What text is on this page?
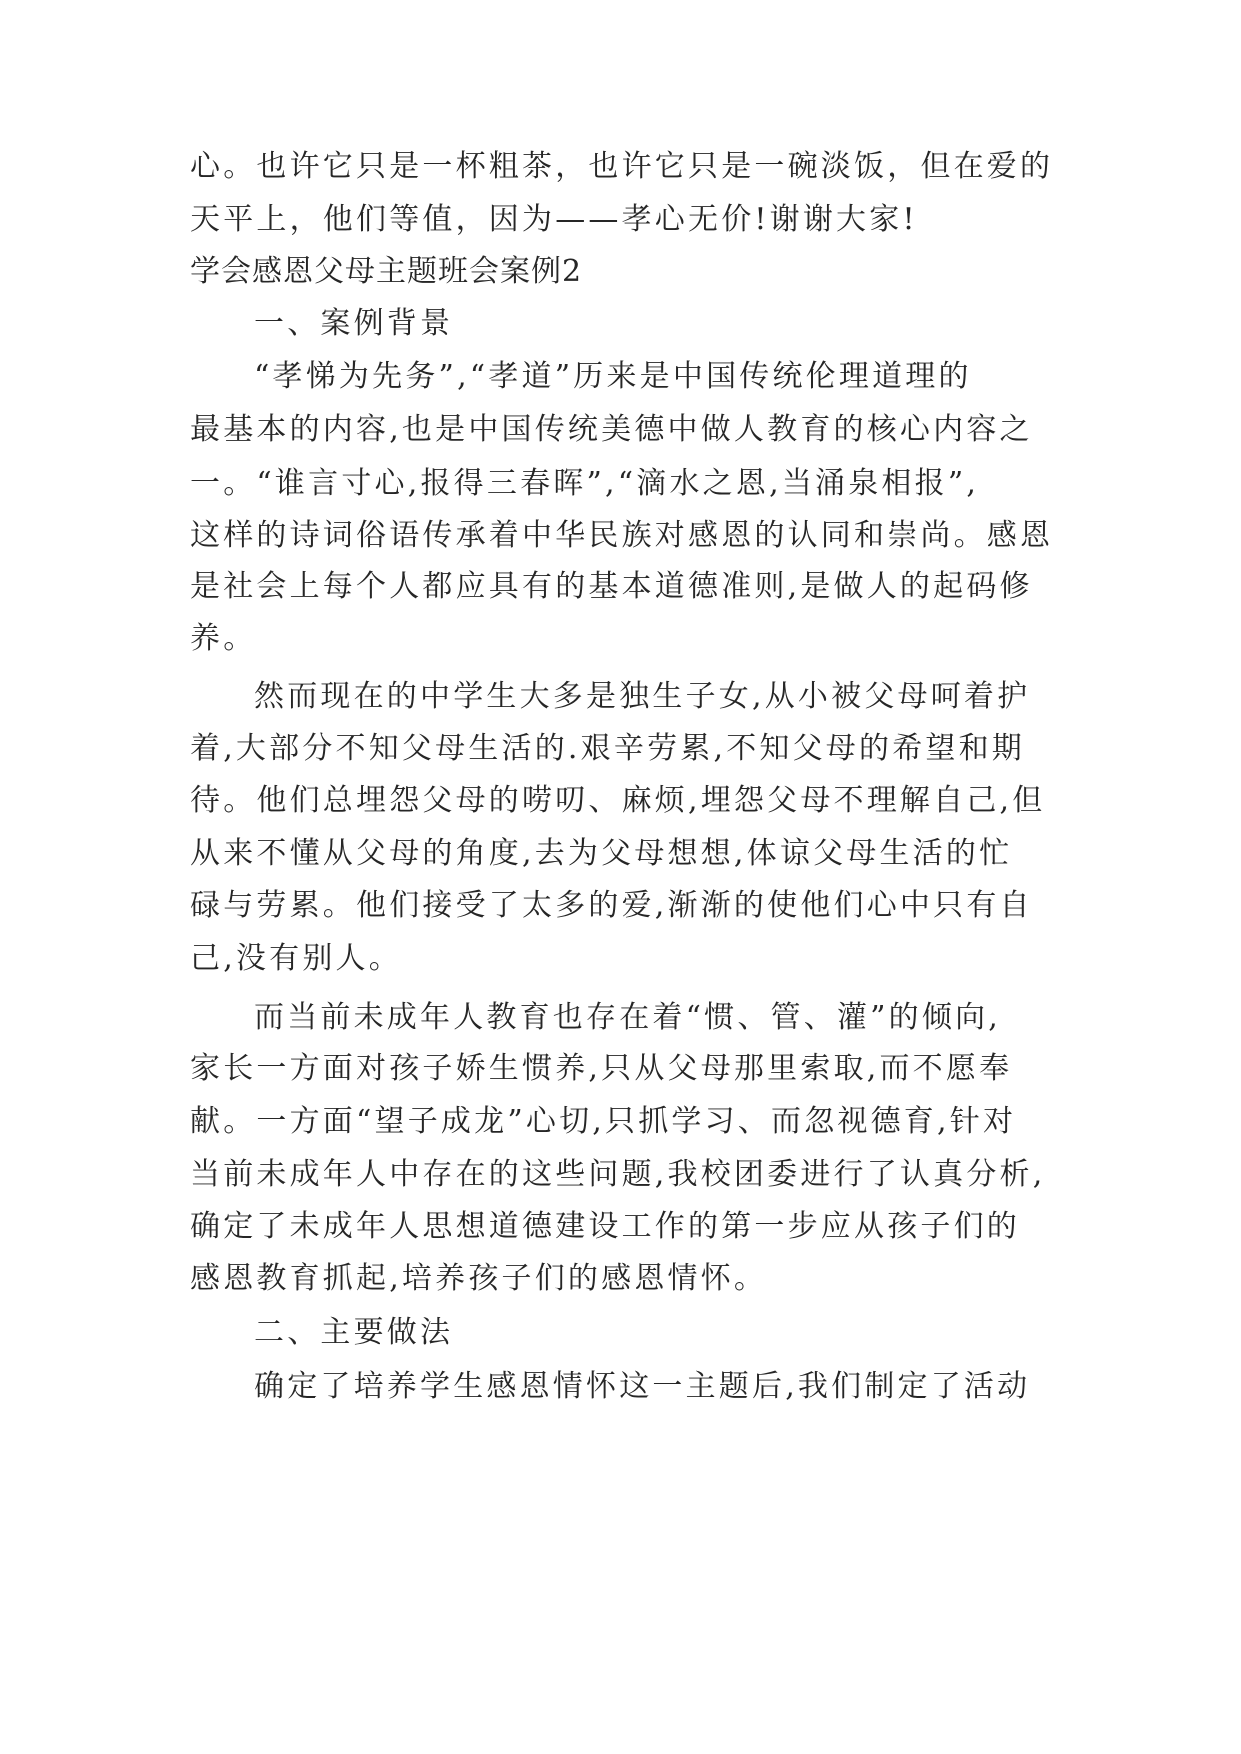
心。也许它只是一杯粗茶，也许它只是一碗淡饭，但在爱的
天平上，他们等值，因为——孝心无价!谢谢大家!
学会感恩父母主题班会案例2
一、案例背景
“孝悌为先务”,“孝道”历来是中国传统伦理道理的
最基本的内容,也是中国传统美德中做人教育的核心内容之
一。“谁言寸心,报得三春晖”,“滴水之恩,当涌泉相报”,
这样的诗词俗语传承着中华民族对感恩的认同和崇尚。感恩
是社会上每个人都应具有的基本道德准则,是做人的起码修
养。
然而现在的中学生大多是独生子女,从小被父母呵着护
着,大部分不知父母生活的.艰辛劳累,不知父母的希望和期
待。他们总埋怨父母的唠叨、麻烦,埋怨父母不理解自己,但
从来不懂从父母的角度,去为父母想想,体谅父母生活的忙
碌与劳累。他们接受了太多的爱,渐渐的使他们心中只有自
己,没有别人。
而当前未成年人教育也存在着“惯、管、灌”的倾向,
家长一方面对孩子娇生惯养,只从父母那里索取,而不愿奉
献。一方面“望子成龙”心切,只抓学习、而忽视德育,针对
当前未成年人中存在的这些问题,我校团委进行了认真分析,
确定了未成年人思想道德建设工作的第一步应从孩子们的
感恩教育抓起,培养孩子们的感恩情怀。
二、主要做法
确定了培养学生感恩情怀这一主题后,我们制定了活动
